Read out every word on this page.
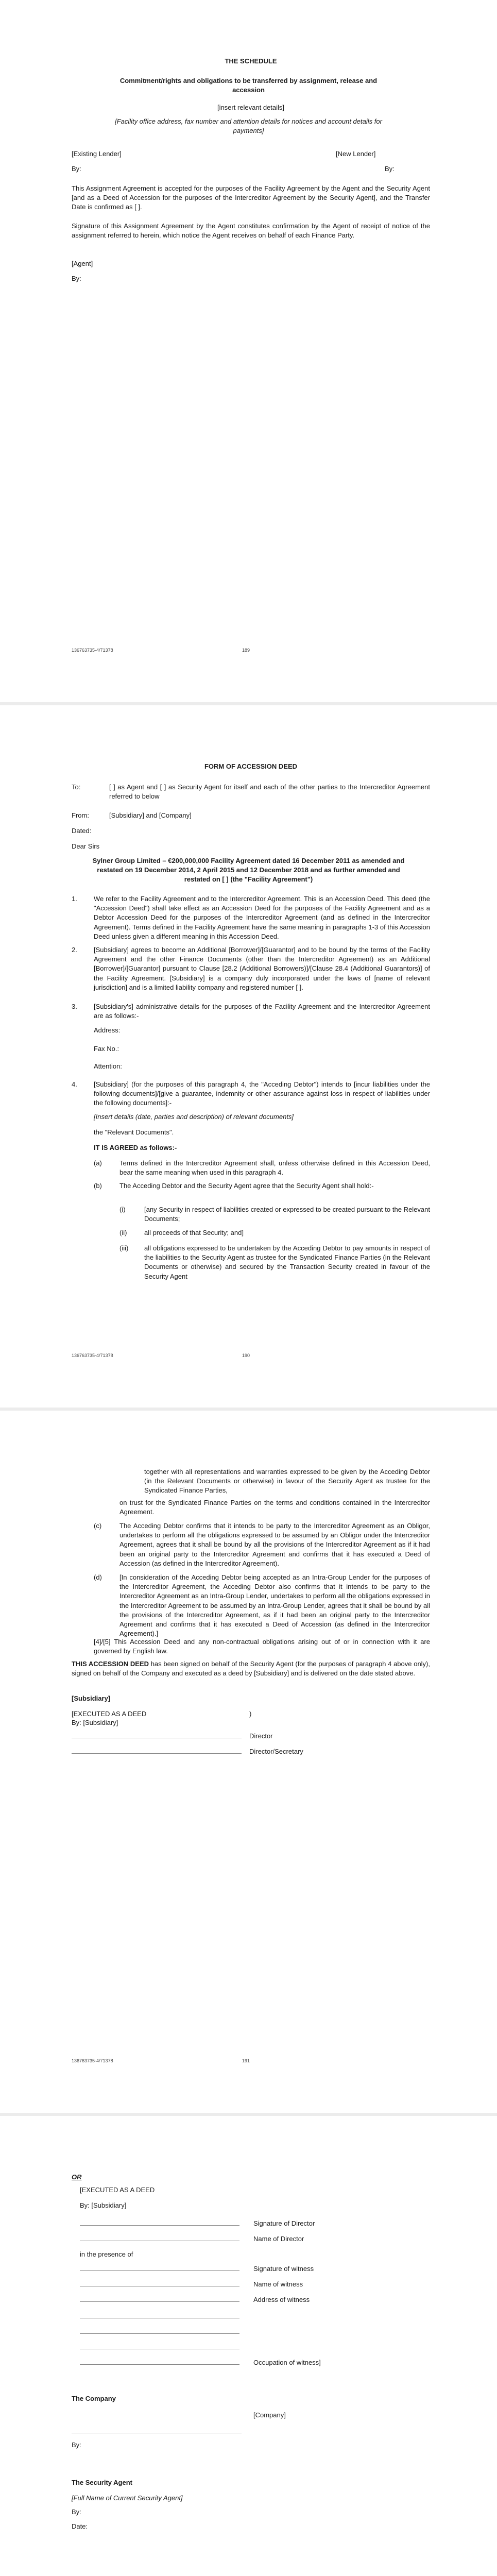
THE SCHEDULE
Commitment/rights and obligations to be transferred by assignment, release and accession
[insert relevant details]
[Facility office address, fax number and attention details for notices and account details for payments]
[Existing Lender]	[New Lender]
By:	By:
This Assignment Agreement is accepted for the purposes of the Facility Agreement by the Agent and the Security Agent [and as a Deed of Accession for the purposes of the Intercreditor Agreement by the Security Agent], and the Transfer Date is confirmed as [ ].
Signature of this Assignment Agreement by the Agent constitutes confirmation by the Agent of receipt of notice of the assignment referred to herein, which notice the Agent receives on behalf of each Finance Party.
[Agent]
By:
136763735-4/71378	189
FORM OF ACCESSION DEED
To:	[ ] as Agent and [ ] as Security Agent for itself and each of the other parties to the Intercreditor Agreement referred to below
From:	[Subsidiary] and [Company]
Dated:
Dear Sirs
Sylner Group Limited – €200,000,000 Facility Agreement dated 16 December 2011 as amended and restated on 19 December 2014, 2 April 2015 and 12 December 2018 and as further amended and restated on [ ] (the "Facility Agreement")
1. We refer to the Facility Agreement and to the Intercreditor Agreement. This is an Accession Deed. This deed (the "Accession Deed") shall take effect as an Accession Deed for the purposes of the Facility Agreement and as a Debtor Accession Deed for the purposes of the Intercreditor Agreement (and as defined in the Intercreditor Agreement). Terms defined in the Facility Agreement have the same meaning in paragraphs 1-3 of this Accession Deed unless given a different meaning in this Accession Deed.
2. [Subsidiary] agrees to become an Additional [Borrower]/[Guarantor] and to be bound by the terms of the Facility Agreement and the other Finance Documents (other than the Intercreditor Agreement) as an Additional [Borrower]/[Guarantor] pursuant to Clause [28.2 (Additional Borrowers)]/[Clause 28.4 (Additional Guarantors)] of the Facility Agreement. [Subsidiary] is a company duly incorporated under the laws of [name of relevant jurisdiction] and is a limited liability company and registered number [ ].
3. [Subsidiary's] administrative details for the purposes of the Facility Agreement and the Intercreditor Agreement are as follows:-
Address:
Fax No.:
Attention:
4. [Subsidiary] (for the purposes of this paragraph 4, the "Acceding Debtor") intends to [incur liabilities under the following documents]/[give a guarantee, indemnity or other assurance against loss in respect of liabilities under the following documents]:-
[Insert details (date, parties and description) of relevant documents]
the "Relevant Documents".
IT IS AGREED as follows:-
(a)	Terms defined in the Intercreditor Agreement shall, unless otherwise defined in this Accession Deed, bear the same meaning when used in this paragraph 4.
(b)	The Acceding Debtor and the Security Agent agree that the Security Agent shall hold:-
(i)	[any Security in respect of liabilities created or expressed to be created pursuant to the Relevant Documents;
(ii)	all proceeds of that Security; and]
(iii) all obligations expressed to be undertaken by the Acceding Debtor to pay amounts in respect of the liabilities to the Security Agent as trustee for the Syndicated Finance Parties (in the Relevant Documents or otherwise) and secured by the Transaction Security created in favour of the Security Agent
136763735-4/71378	190
together with all representations and warranties expressed to be given by the Acceding Debtor (in the Relevant Documents or otherwise) in favour of the Security Agent as trustee for the Syndicated Finance Parties,
on trust for the Syndicated Finance Parties on the terms and conditions contained in the Intercreditor Agreement.
(c)	The Acceding Debtor confirms that it intends to be party to the Intercreditor Agreement as an Obligor, undertakes to perform all the obligations expressed to be assumed by an Obligor under the Intercreditor Agreement, agrees that it shall be bound by all the provisions of the Intercreditor Agreement as if it had been an original party to the Intercreditor Agreement and confirms that it has executed a Deed of Accession (as defined in the Intercreditor Agreement).
(d)	[In consideration of the Acceding Debtor being accepted as an Intra-Group Lender for the purposes of the Intercreditor Agreement, the Acceding Debtor also confirms that it intends to be party to the Intercreditor Agreement as an Intra-Group Lender, undertakes to perform all the obligations expressed in the Intercreditor Agreement to be assumed by an Intra-Group Lender, agrees that it shall be bound by all the provisions of the Intercreditor Agreement, as if it had been an original party to the Intercreditor Agreement and confirms that it has executed a Deed of Accession (as defined in the Intercreditor Agreement).]
[4]/[5] This Accession Deed and any non-contractual obligations arising out of or in connection with it are governed by English law.
THIS ACCESSION DEED has been signed on behalf of the Security Agent (for the purposes of paragraph 4 above only), signed on behalf of the Company and executed as a deed by [Subsidiary] and is delivered on the date stated above.
[Subsidiary]
[EXECUTED AS A DEED	)
By: [Subsidiary]
Director
Director/Secretary
136763735-4/71378	191
OR
[EXECUTED AS A DEED
By: [Subsidiary]
Signature of Director
Name of Director
in the presence of
Signature of witness
Name of witness
Address of witness
Occupation of witness]
The Company
[Company]
By:
The Security Agent
[Full Name of Current Security Agent]
By:
Date:
